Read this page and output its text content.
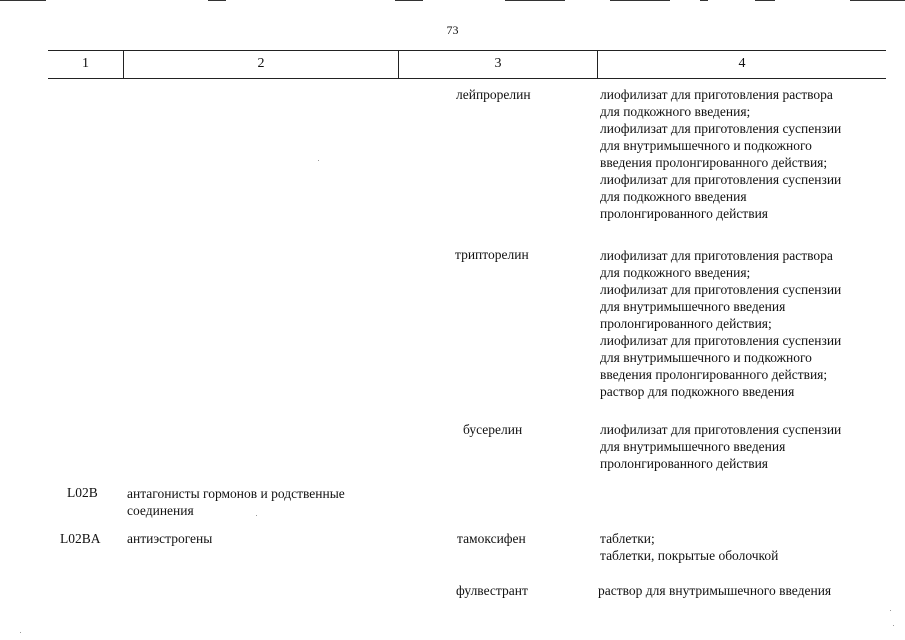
73
1	2	3	4
лейпрорелин	лиофилизат для приготовления раствора
для подкожного введения;
лиофилизат для приготовления суспензии
для внутримышечного и подкожного
введения пролонгированного действия;
лиофилизат для приготовления суспензии
для подкожного введения
пролонгированного действия
трипторелин	лиофилизат для приготовления раствора
для подкожного введения;
лиофилизат для приготовления суспензии
для внутримышечного введения
пролонгированного действия;
лиофилизат для приготовления суспензии
для внутримышечного и подкожного
введения пролонгированного действия;
раствор для подкожного введения
бусерелин	лиофилизат для приготовления суспензии
для внутримышечного введения
пролонгированного действия
L02B антагонисты гормонов и родственные
соединения
L02BA антиэстрогены	тамоксифен	таблетки;
таблетки, покрытые оболочкой
фулвестрант	раствор для внутримышечного введения
